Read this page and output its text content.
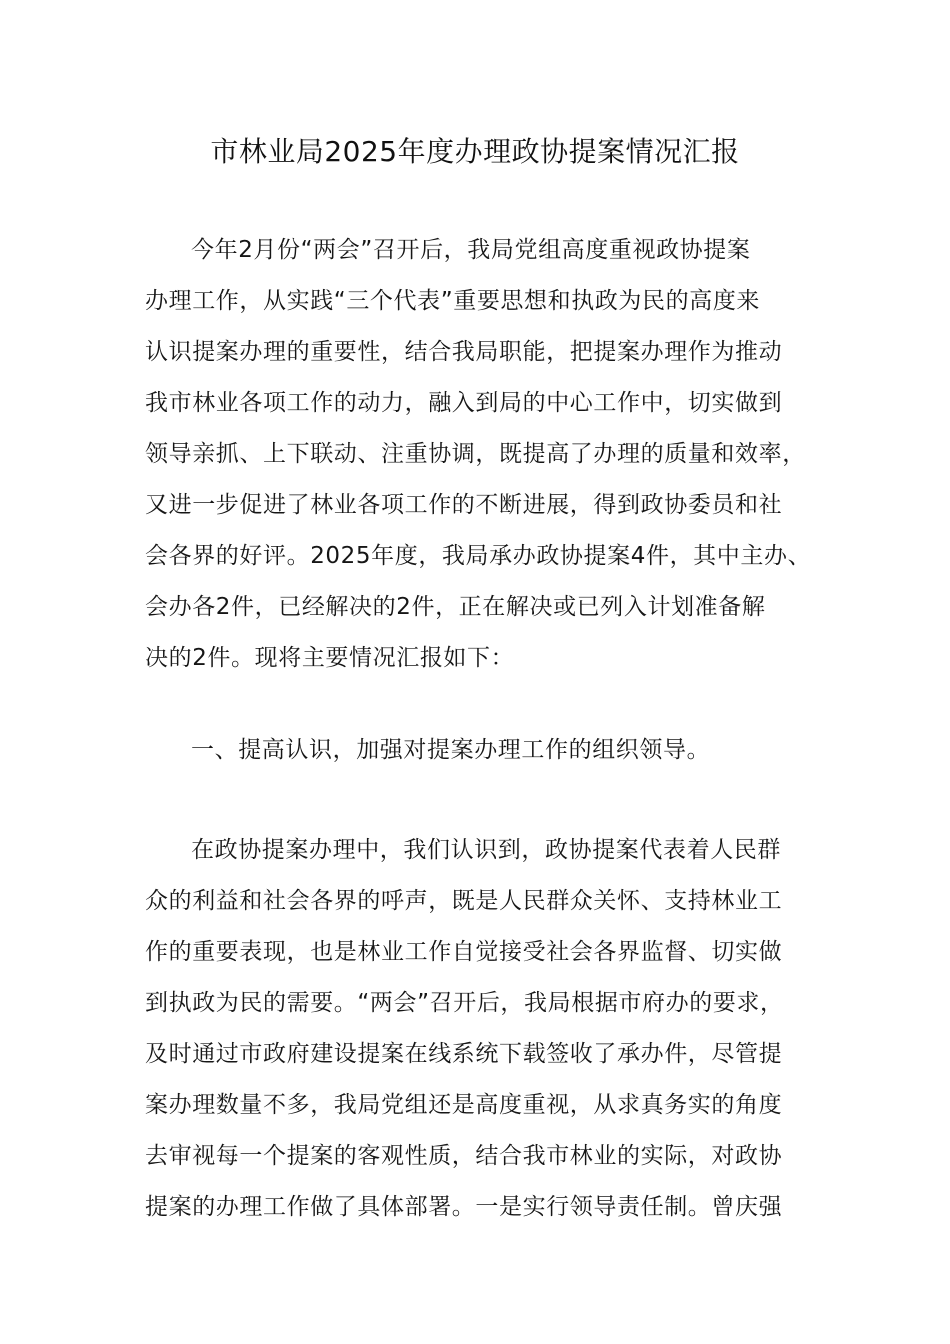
市林业局2025年度办理政协提案情况汇报
今年2月份“两会”召开后，我局党组高度重视政协提案
办理工作，从实践“三个代表”重要思想和执政为民的高度来
认识提案办理的重要性，结合我局职能，把提案办理作为推动
我市林业各项工作的动力，融入到局的中心工作中，切实做到
领导亲抓、上下联动、注重协调，既提高了办理的质量和效率，
又进一步促进了林业各项工作的不断进展，得到政协委员和社
会各界的好评。2025年度，我局承办政协提案4件，其中主办、
会办各2件，已经解决的2件，正在解决或已列入计划准备解
决的2件。现将主要情况汇报如下：
一、提高认识，加强对提案办理工作的组织领导。
在政协提案办理中，我们认识到，政协提案代表着人民群
众的利益和社会各界的呼声，既是人民群众关怀、支持林业工
作的重要表现，也是林业工作自觉接受社会各界监督、切实做
到执政为民的需要。“两会”召开后，我局根据市府办的要求，
及时通过市政府建设提案在线系统下载签收了承办件，尽管提
案办理数量不多，我局党组还是高度重视，从求真务实的角度
去审视每一个提案的客观性质，结合我市林业的实际，对政协
提案的办理工作做了具体部署。一是实行领导责任制。曾庆强
